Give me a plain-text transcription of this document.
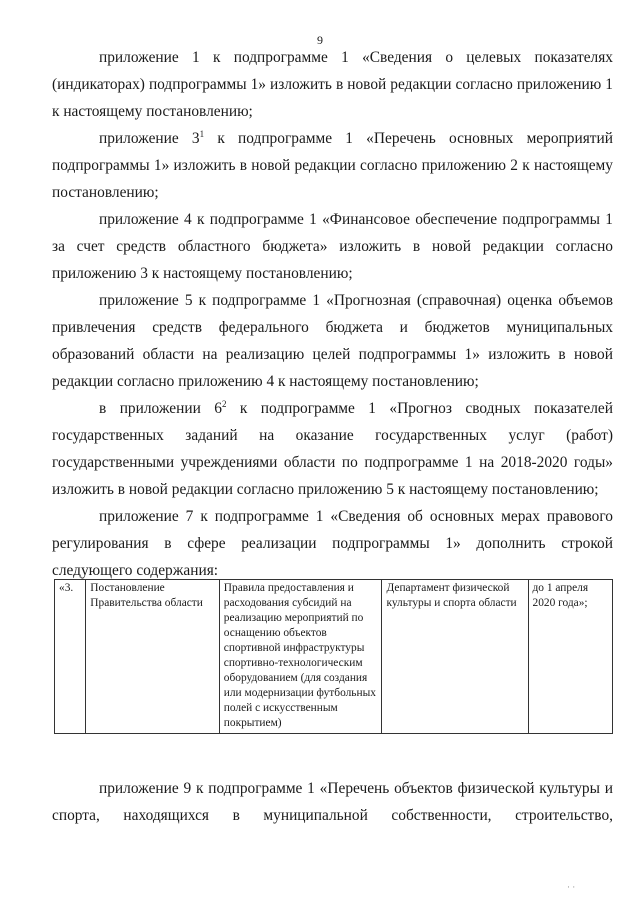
9

приложение 1 к подпрограмме 1 «Сведения о целевых показателях (индикаторах) подпрограммы 1» изложить в новой редакции согласно приложению 1 к настоящему постановлению;

приложение $3^1$ к подпрограмме 1 «Перечень основных мероприятий подпрограммы 1» изложить в новой редакции согласно приложению 2 к настоящему постановлению;

приложение 4 к подпрограмме 1 «Финансовое обеспечение подпрограммы 1 за счет средств областного бюджета» изложить в новой редакции согласно приложению 3 к настоящему постановлению;

приложение 5 к подпрограмме 1 «Прогнозная (справочная) оценка объемов привлечения средств федерального бюджета и бюджетов муниципальных образований области на реализацию целей подпрограммы 1» изложить в новой редакции согласно приложению 4 к настоящему постановлению;

в приложении $6^2$ к подпрограмме 1 «Прогноз сводных показателей государственных заданий на оказание государственных услуг (работ) государственными учреждениями области по подпрограмме 1 на 2018-2020 годы» изложить в новой редакции согласно приложению 5 к настоящему постановлению;

приложение 7 к подпрограмме 1 «Сведения об основных мерах правового регулирования в сфере реализации подпрограммы 1» дополнить строкой следующего содержания:

«3.	Постановление Правительства области	Правила предоставления и расходования субсидий на реализацию мероприятий по оснащению объектов спортивной инфраструктуры спортивно-технологическим оборудованием (для создания или модернизации футбольных полей с искусственным покрытием)	Департамент физической культуры и спорта области	до 1 апреля 2020 года»;

приложение 9 к подпрограмме 1 «Перечень объектов физической культуры и спорта, находящихся в муниципальной собственности, строительство,

· ·
